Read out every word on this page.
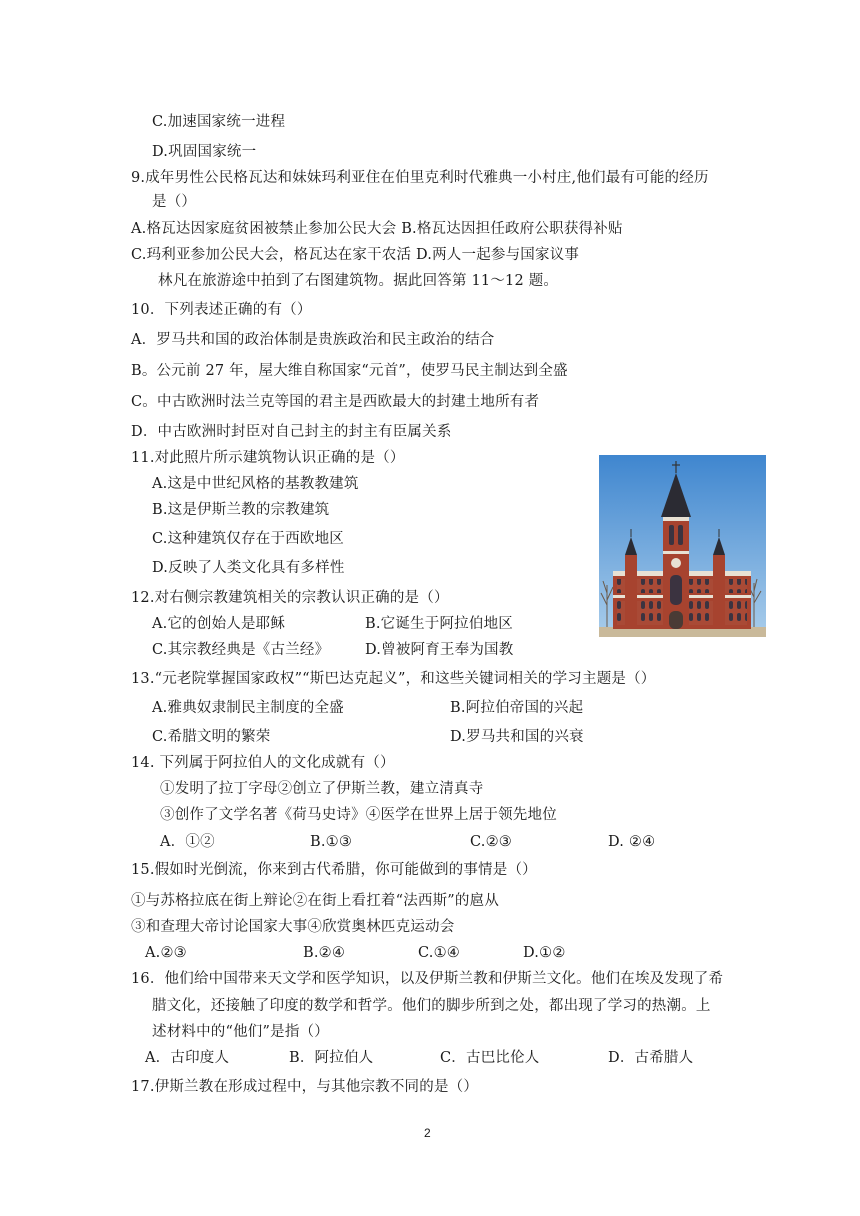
C.加速国家统一进程
D.巩固国家统一
9.成年男性公民格瓦达和妹妹玛利亚住在伯里克利时代雅典一小村庄,他们最有可能的经历
是（）
A.格瓦达因家庭贫困被禁止参加公民大会 B.格瓦达因担任政府公职获得补贴
C.玛利亚参加公民大会，格瓦达在家干农活 D.两人一起参与国家议事
林凡在旅游途中拍到了右图建筑物。据此回答第 11～12 题。
10．下列表述正确的有（）
A．罗马共和国的政治体制是贵族政治和民主政治的结合
B。公元前 27 年，屋大维自称国家“元首”，使罗马民主制达到全盛
C。中古欧洲时法兰克等国的君主是西欧最大的封建土地所有者
D．中古欧洲时封臣对自己封主的封主有臣属关系
11.对此照片所示建筑物认识正确的是（）
A.这是中世纪风格的基教教建筑
B.这是伊斯兰教的宗教建筑
C.这种建筑仅存在于西欧地区
D.反映了人类文化具有多样性
12.对右侧宗教建筑相关的宗教认识正确的是（）
A.它的创始人是耶稣	B.它诞生于阿拉伯地区
C.其宗教经典是《古兰经》 D.曾被阿育王奉为国教
13.“元老院掌握国家政权”“斯巴达克起义”，和这些关键词相关的学习主题是（）
A.雅典奴隶制民主制度的全盛	B.阿拉伯帝国的兴起
C.希腊文明的繁荣	D.罗马共和国的兴衰
14. 下列属于阿拉伯人的文化成就有（）
①发明了拉丁字母②创立了伊斯兰教，建立清真寺
③创作了文学名著《荷马史诗》④医学在世界上居于领先地位
A．①②	B.①③	C.②③	D. ②④
15.假如时光倒流，你来到古代希腊，你可能做到的事情是（）
①与苏格拉底在街上辩论②在街上看扛着“法西斯”的扈从
③和查理大帝讨论国家大事④欣赏奥林匹克运动会
A.②③	B.②④	C.①④	D.①②
16．他们给中国带来天文学和医学知识，以及伊斯兰教和伊斯兰文化。他们在埃及发现了希
腊文化，还接触了印度的数学和哲学。他们的脚步所到之处，都出现了学习的热潮。上
述材料中的“他们”是指（）
A．古印度人	B．阿拉伯人	C．古巴比伦人	D．古希腊人
17.伊斯兰教在形成过程中，与其他宗教不同的是（）
2
